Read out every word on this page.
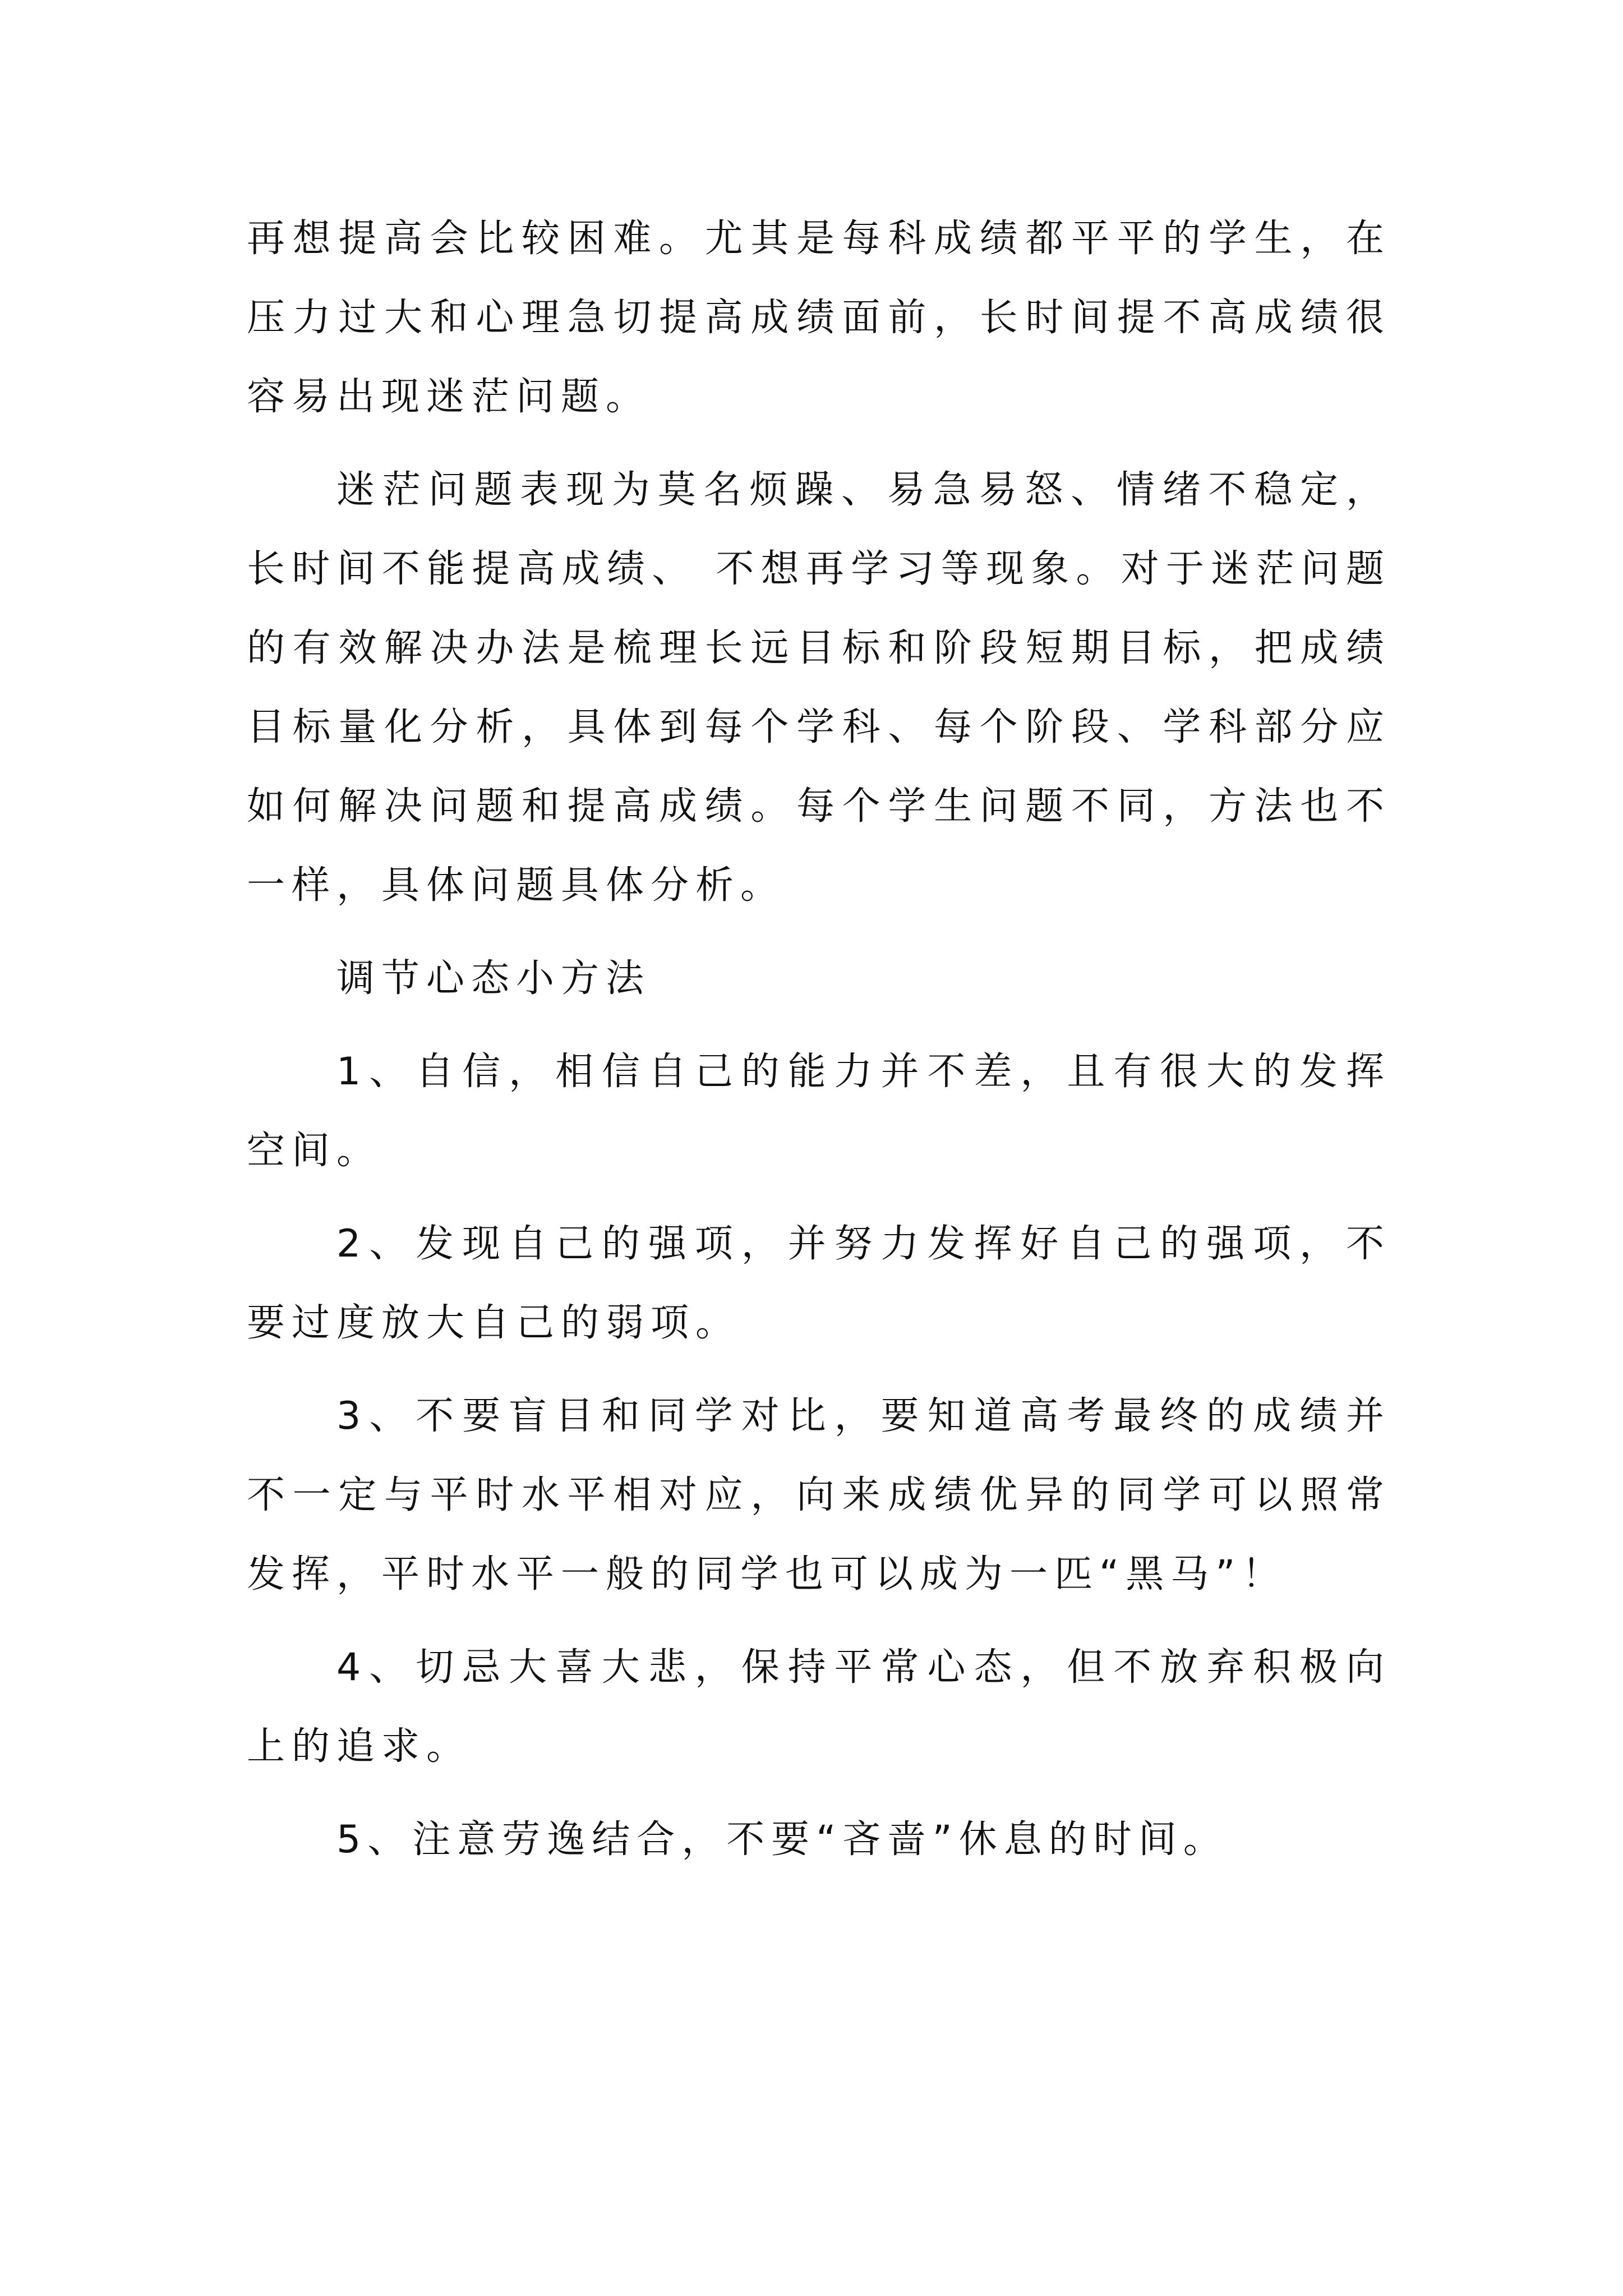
再想提高会比较困难。尤其是每科成绩都平平的学生，在压力过大和心理急切提高成绩面前，长时间提不高成绩很容易出现迷茫问题。

迷茫问题表现为莫名烦躁、易急易怒、情绪不稳定，长时间不能提高成绩、 不想再学习等现象。对于迷茫问题的有效解决办法是梳理长远目标和阶段短期目标，把成绩目标量化分析，具体到每个学科、每个阶段、学科部分应如何解决问题和提高成绩。每个学生问题不同，方法也不一样，具体问题具体分析。

调节心态小方法

1、自信，相信自己的能力并不差，且有很大的发挥空间。

2、发现自己的强项，并努力发挥好自己的强项，不要过度放大自己的弱项。

3、不要盲目和同学对比，要知道高考最终的成绩并不一定与平时水平相对应，向来成绩优异的同学可以照常发挥，平时水平一般的同学也可以成为一匹“黑马”！

4、切忌大喜大悲，保持平常心态，但不放弃积极向上的追求。

5、注意劳逸结合，不要“吝啬”休息的时间。
